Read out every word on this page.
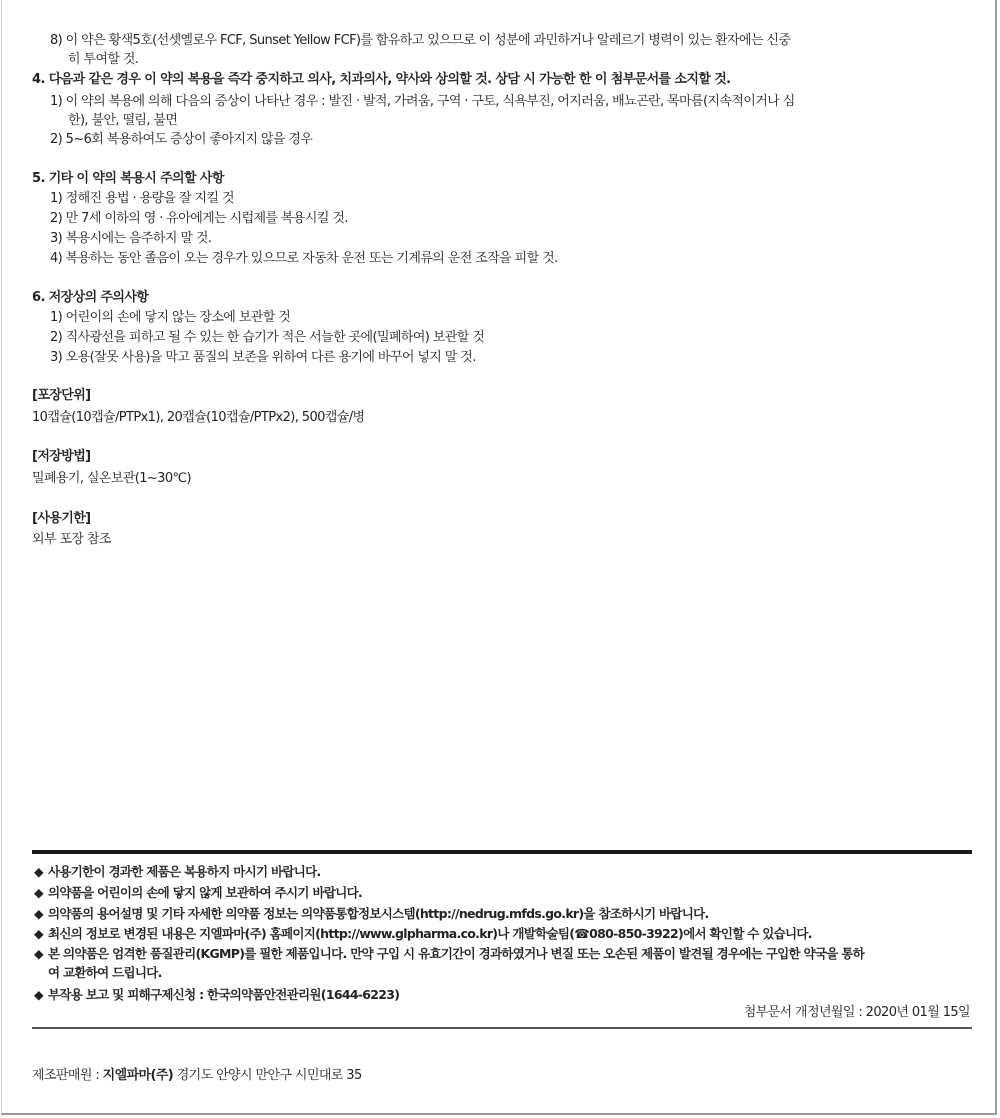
8) 이 약은 황색5호(선셋옐로우 FCF, Sunset Yellow FCF)를 함유하고 있으므로 이 성분에 과민하거나 알레르기 병력이 있는 환자에는 신중
히 투여할 것.
4. 다음과 같은 경우 이 약의 복용을 즉각 중지하고 의사, 치과의사, 약사와 상의할 것. 상담 시 가능한 한 이 첨부문서를 소지할 것.
1) 이 약의 복용에 의해 다음의 증상이 나타난 경우 : 발진 · 발적, 가려움, 구역 · 구토, 식욕부진, 어지러움, 배뇨곤란, 목마름(지속적이거나 심
한), 불안, 떨림, 불면
2) 5~6회 복용하여도 증상이 좋아지지 않을 경우
5. 기타 이 약의 복용시 주의할 사항
1) 정해진 용법 · 용량을 잘 지킬 것
2) 만 7세 이하의 영 · 유아에게는 시럽제를 복용시킬 것.
3) 복용시에는 음주하지 말 것.
4) 복용하는 동안 졸음이 오는 경우가 있으므로 자동차 운전 또는 기계류의 운전 조작을 피할 것.
6. 저장상의 주의사항
1) 어린이의 손에 닿지 않는 장소에 보관할 것
2) 직사광선을 피하고 될 수 있는 한 습기가 적은 서늘한 곳에(밀폐하여) 보관할 것
3) 오용(잘못 사용)을 막고 품질의 보존을 위하여 다른 용기에 바꾸어 넣지 말 것.
[포장단위]
10캡슐(10캡슐/PTPx1), 20캡슐(10캡슐/PTPx2), 500캡슐/병
[저장방법]
밀폐용기, 실온보관(1~30℃)
[사용기한]
외부 포장 참조
◆ 사용기한이 경과한 제품은 복용하지 마시기 바랍니다.
◆ 의약품을 어린이의 손에 닿지 않게 보관하여 주시기 바랍니다.
◆ 의약품의 용어설명 및 기타 자세한 의약품 정보는 의약품통합정보시스템(http://nedrug.mfds.go.kr)을 참조하시기 바랍니다.
◆ 최신의 정보로 변경된 내용은 지엘파마(주) 홈페이지(http://www.glpharma.co.kr)나 개발학술팀(☎080-850-3922)에서 확인할 수 있습니다.
◆ 본 의약품은 엄격한 품질관리(KGMP)를 필한 제품입니다. 만약 구입 시 유효기간이 경과하였거나 변질 또는 오손된 제품이 발견될 경우에는 구입한 약국을 통하
여 교환하여 드립니다.
◆ 부작용 보고 및 피해구제신청 : 한국의약품안전관리원(1644-6223)
첨부문서 개정년월일 : 2020년 01월 15일
제조판매원 : 지엘파마(주) 경기도 안양시 만안구 시민대로 35
